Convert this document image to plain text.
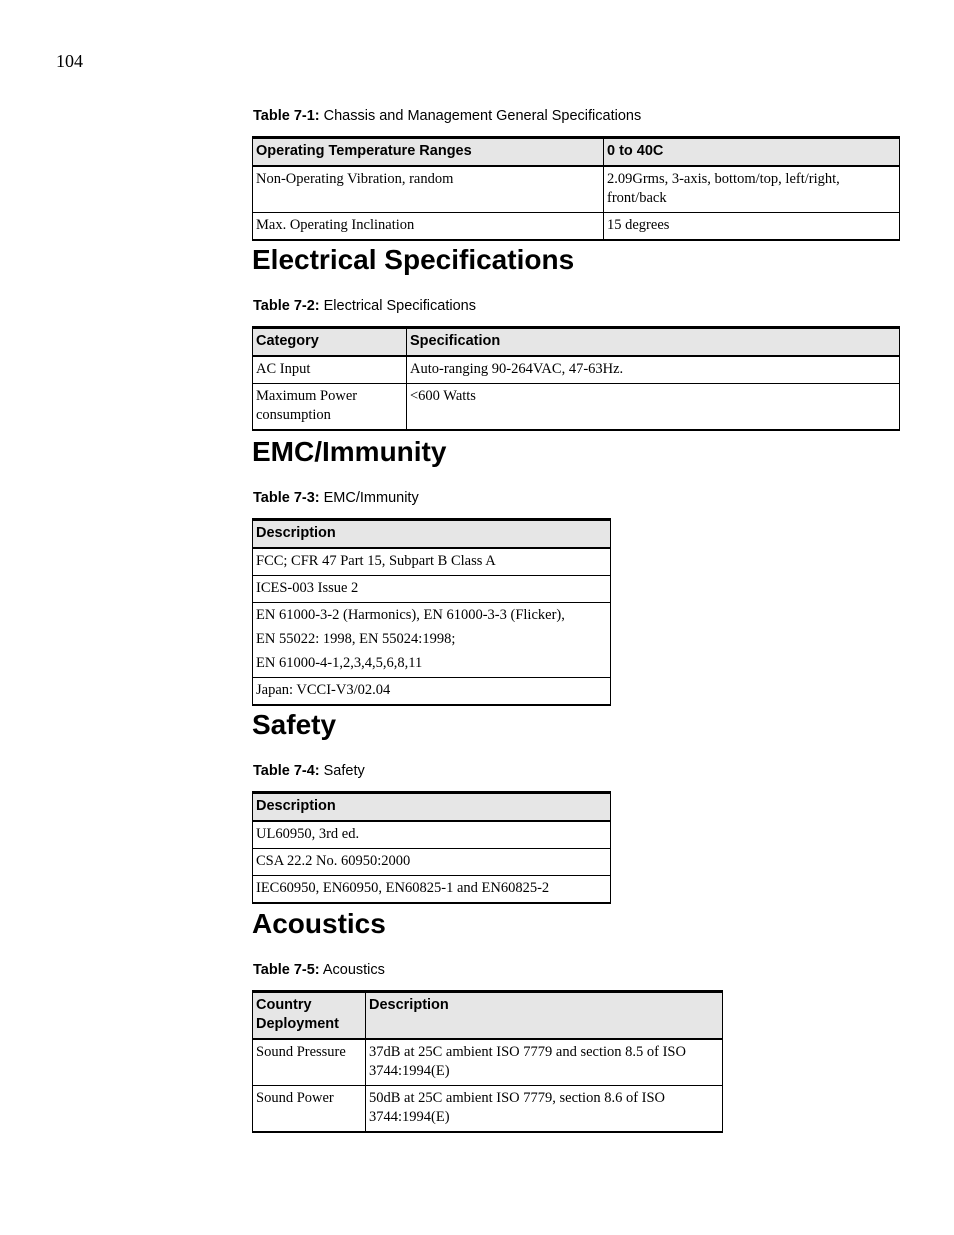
104
Table 7-1: Chassis and Management General Specifications
Operating Temperature Ranges	0 to 40C
Non-Operating Vibration, random	2.09Grms, 3-axis, bottom/top, left/right, front/back
Max. Operating Inclination	15 degrees
Electrical Specifications
Table 7-2: Electrical Specifications
Category	Specification
AC Input	Auto-ranging 90-264VAC, 47-63Hz.
Maximum Power consumption	<600 Watts
EMC/Immunity
Table 7-3: EMC/Immunity
Description
FCC; CFR 47 Part 15, Subpart B Class A
ICES-003 Issue 2

EN 61000-3-2 (Harmonics), EN 61000-3-3 (Flicker),
EN 55022: 1998, EN 55024:1998;
EN 61000-4-1,2,3,4,5,6,8,11

Japan: VCCI-V3/02.04
Safety
Table 7-4: Safety
Description
UL60950, 3rd ed.
CSA 22.2 No. 60950:2000
IEC60950, EN60950, EN60825-1 and EN60825-2
Acoustics
Table 7-5: Acoustics
Country Deployment	Description
Sound Pressure	37dB at 25C ambient ISO 7779 and section 8.5 of ISO 3744:1994(E)
Sound Power	50dB at 25C ambient ISO 7779, section 8.6 of ISO 3744:1994(E)
